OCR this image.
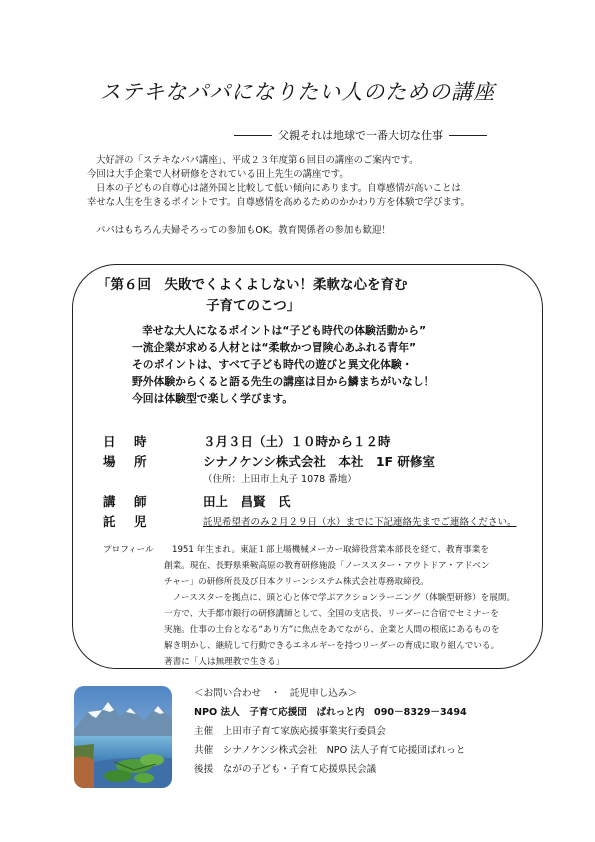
ステキなパパになりたい人のための講座
父親それは地球で一番大切な仕事
大好評の「ステキなパパ講座」、平成２３年度第６回目の講座のご案内です。
今回は大手企業で人材研修をされている田上先生の講座です。
日本の子どもの自尊心は諸外国と比較して低い傾向にあります。自尊感情が高いことは
幸せな人生を生きるポイントです。自尊感情を高めるためのかかわり方を体験で学びます。
パパはもちろん夫婦そろっての参加もOK。教育関係者の参加も歓迎！
「第６回　失敗でくよくよしない！柔軟な心を育む
子育てのこつ」
幸せな大人になるポイントは“子ども時代の体験活動から”
一流企業が求める人材とは“柔軟かつ冒険心あふれる青年”
そのポイントは、すべて子ども時代の遊びと異文化体験・
野外体験からくると語る先生の講座は目から鱗まちがいなし！
今回は体験型で楽しく学びます。
日　時	３月３日（土）１０時から１２時
場　所	シナノケンシ株式会社　本社　1F 研修室
（住所：上田市上丸子 1078 番地）
講　師	田上　昌賢　氏
託　児	託児希望者のみ２月２９日（水）までに下記連絡先までご連絡ください。
プロフィール 1951 年生まれ。東証１部上場機械メーカー取締役営業本部長を経て、教育事業を
創業。現在、長野県乗鞍高原の教育研修施設「ノーススター・アウトドア・アドベン
チャー」の研修所長及び日本クリーンシステム株式会社専務取締役。
　ノーススターを拠点に、頭と心と体で学ぶアクションラーニング（体験型研修）を展開。
一方で、大手都市銀行の研修講師として、全国の支店長、リーダーに合宿でセミナーを
実施。仕事の土台となる“あり方”に焦点をあてながら、企業と人間の根底にあるものを
解き明かし、継続して行動できるエネルギーを持つリーダーの育成に取り組んでいる。
著書に「人は無理教で生きる」
＜お問い合わせ　・　託児申し込み＞
NPO 法人　子育て応援団　ぱれっと内　090－8329－3494
主催　上田市子育て家族応援事業実行委員会
共催　シナノケンシ株式会社　NPO 法人子育て応援団ぱれっと
後援　ながの子ども・子育て応援県民会議
